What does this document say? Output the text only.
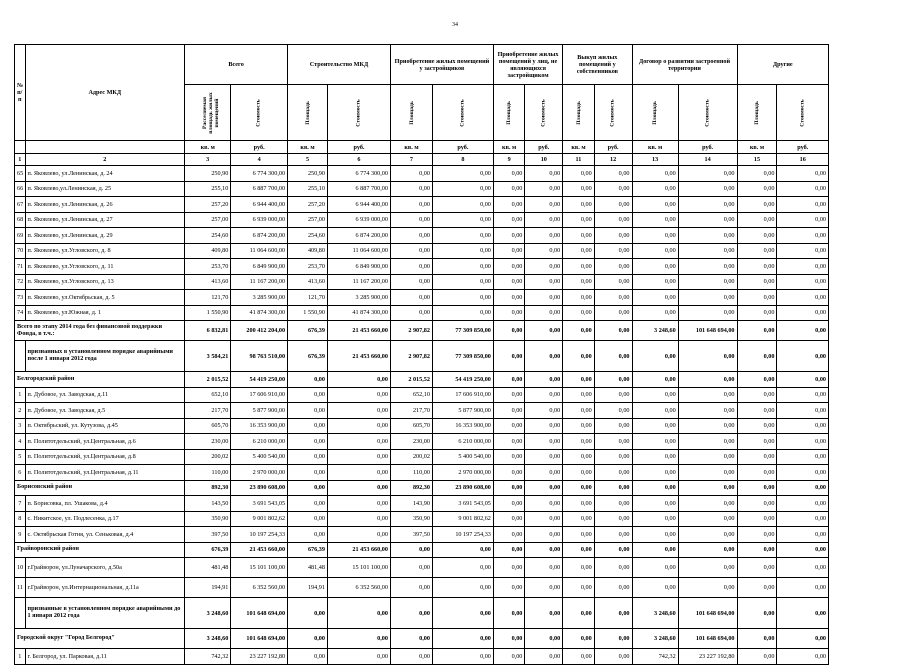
34
№ п/п	Адрес МКД	Всего		Строительство МКД		Приобретение жилых помещений у застройщиков		Приобретение жилых помещений у лиц, не являющихся застройщиком		Выкуп жилых помещений у собственников		Договор о развитии застроенной территории		Другие	
		Расселяемая площадь жилых помещений	Стоимость	Площадь	Стоимость	Площадь	Стоимость	Площадь	Стоимость	Площадь	Стоимость	Площадь	Стоимость	Площадь	Стоимость
		кв. м	руб.	кв. м	руб.	кв. м	руб.	кв. м	руб.	кв. м	руб.	кв. м	руб.	кв. м	руб.
1	2	3	4	5	6	7	8	9	10	11	12	13	14	15	16
65	п. Яковлево, ул.Ленинская, д. 24	250,90	6 774 300,00	250,90	6 774 300,00	0,00	0,00	0,00	0,00	0,00	0,00	0,00	0,00	0,00	0,00
66	п. Яковлево,ул.Ленинская, д. 25	255,10	6 887 700,00	255,10	6 887 700,00	0,00	0,00	0,00	0,00	0,00	0,00	0,00	0,00	0,00	0,00
67	п. Яковлево, ул.Ленинская, д. 26	257,20	6 944 400,00	257,20	6 944 400,00	0,00	0,00	0,00	0,00	0,00	0,00	0,00	0,00	0,00	0,00
68	п. Яковлево, ул.Ленинская, д. 27	257,00	6 939 000,00	257,00	6 939 000,00	0,00	0,00	0,00	0,00	0,00	0,00	0,00	0,00	0,00	0,00
69	п. Яковлево, ул.Ленинская, д. 29	254,60	6 874 200,00	254,60	6 874 200,00	0,00	0,00	0,00	0,00	0,00	0,00	0,00	0,00	0,00	0,00
70	п. Яковлево, ул.Угловского, д. 8	409,80	11 064 600,00	409,80	11 064 600,00	0,00	0,00	0,00	0,00	0,00	0,00	0,00	0,00	0,00	0,00
71	п. Яковлево, ул.Угловского, д. 11	253,70	6 849 900,00	253,70	6 849 900,00	0,00	0,00	0,00	0,00	0,00	0,00	0,00	0,00	0,00	0,00
72	п. Яковлево, ул.Угловского, д. 13	413,60	11 167 200,00	413,60	11 167 200,00	0,00	0,00	0,00	0,00	0,00	0,00	0,00	0,00	0,00	0,00
73	п. Яковлево, ул.Октябрьская, д. 5	121,70	3 285 900,00	121,70	3 285 900,00	0,00	0,00	0,00	0,00	0,00	0,00	0,00	0,00	0,00	0,00
74	п. Яковлево, ул.Южная, д. 1	1 550,90	41 874 300,00	1 550,90	41 874 300,00	0,00	0,00	0,00	0,00	0,00	0,00	0,00	0,00	0,00	0,00
Всего по этапу 2014 года без финансовой поддержки Фонда, в т.ч.:		6 832,81	200 412 204,00	676,39	21 453 660,00	2 907,82	77 309 850,00	0,00	0,00	0,00	0,00	3 248,60	101 648 694,00	0,00	0,00
	признанных в установленном порядке аварийными после 1 января 2012 года	3 584,21	98 763 510,00	676,39	21 453 660,00	2 907,82	77 309 850,00	0,00	0,00	0,00	0,00	0,00	0,00	0,00	0,00
Белгородский район		2 015,52	54 419 250,00	0,00	0,00	2 015,52	54 419 250,00	0,00	0,00	0,00	0,00	0,00	0,00	0,00	0,00
1	п. Дубовое, ул. Заводская, д.11	652,10	17 606 910,00	0,00	0,00	652,10	17 606 910,00	0,00	0,00	0,00	0,00	0,00	0,00	0,00	0,00
2	п. Дубовое, ул. Заводская, д.5	217,70	5 877 900,00	0,00	0,00	217,70	5 877 900,00	0,00	0,00	0,00	0,00	0,00	0,00	0,00	0,00
3	п. Октябрьский, ул. Кутузова, д.45	605,70	16 353 900,00	0,00	0,00	605,70	16 353 900,00	0,00	0,00	0,00	0,00	0,00	0,00	0,00	0,00
4	п. Политотдельский, ул.Центральная, д.6	230,00	6 210 000,00	0,00	0,00	230,00	6 210 000,00	0,00	0,00	0,00	0,00	0,00	0,00	0,00	0,00
5	п. Политотдельский, ул.Центральная, д.8	200,02	5 400 540,00	0,00	0,00	200,02	5 400 540,00	0,00	0,00	0,00	0,00	0,00	0,00	0,00	0,00
6	п. Политотдельский, ул.Центральная, д.11	110,00	2 970 000,00	0,00	0,00	110,00	2 970 000,00	0,00	0,00	0,00	0,00	0,00	0,00	0,00	0,00
Борисовский район		892,30	23 890 608,00	0,00	0,00	892,30	23 890 608,00	0,00	0,00	0,00	0,00	0,00	0,00	0,00	0,00
7	п. Борисовка, пл. Ушакова, д.4	143,50	3 691 543,05	0,00	0,00	143,90	3 691 543,05	0,00	0,00	0,00	0,00	0,00	0,00	0,00	0,00
8	с. Никитское, ул. Подлесенка, д.17	350,90	9 001 802,62	0,00	0,00	350,90	9 001 802,62	0,00	0,00	0,00	0,00	0,00	0,00	0,00	0,00
9	с. Октябрьская Готня, ул. Сеньковая, д.4	397,50	10 197 254,33	0,00	0,00	397,50	10 197 254,33	0,00	0,00	0,00	0,00	0,00	0,00	0,00	0,00
Грайворонский район		676,39	21 453 660,00	676,39	21 453 660,00	0,00	0,00	0,00	0,00	0,00	0,00	0,00	0,00	0,00	0,00
10	г.Грайворон, ул.Луначарского, д.50а	481,48	15 101 100,00	481,48	15 101 100,00	0,00	0,00	0,00	0,00	0,00	0,00	0,00	0,00	0,00	0,00
11	г.Грайворон, ул.Интернациональная, д.11а	194,91	6 352 560,00	194,91	6 352 560,00	0,00	0,00	0,00	0,00	0,00	0,00	0,00	0,00	0,00	0,00
	признанные в установленном порядке аварийными до 1 января 2012 года	3 248,60	101 648 694,00	0,00	0,00	0,00	0,00	0,00	0,00	0,00	0,00	3 248,60	101 648 694,00	0,00	0,00
Городской округ "Город Белгород"		3 248,60	101 648 694,00	0,00	0,00	0,00	0,00	0,00	0,00	0,00	0,00	3 248,60	101 648 694,00	0,00	0,00
1	г. Белгород, ул. Парковая, д.11	742,32	23 227 192,80	0,00	0,00	0,00	0,00	0,00	0,00	0,00	0,00	742,32	23 227 192,80	0,00	0,00
